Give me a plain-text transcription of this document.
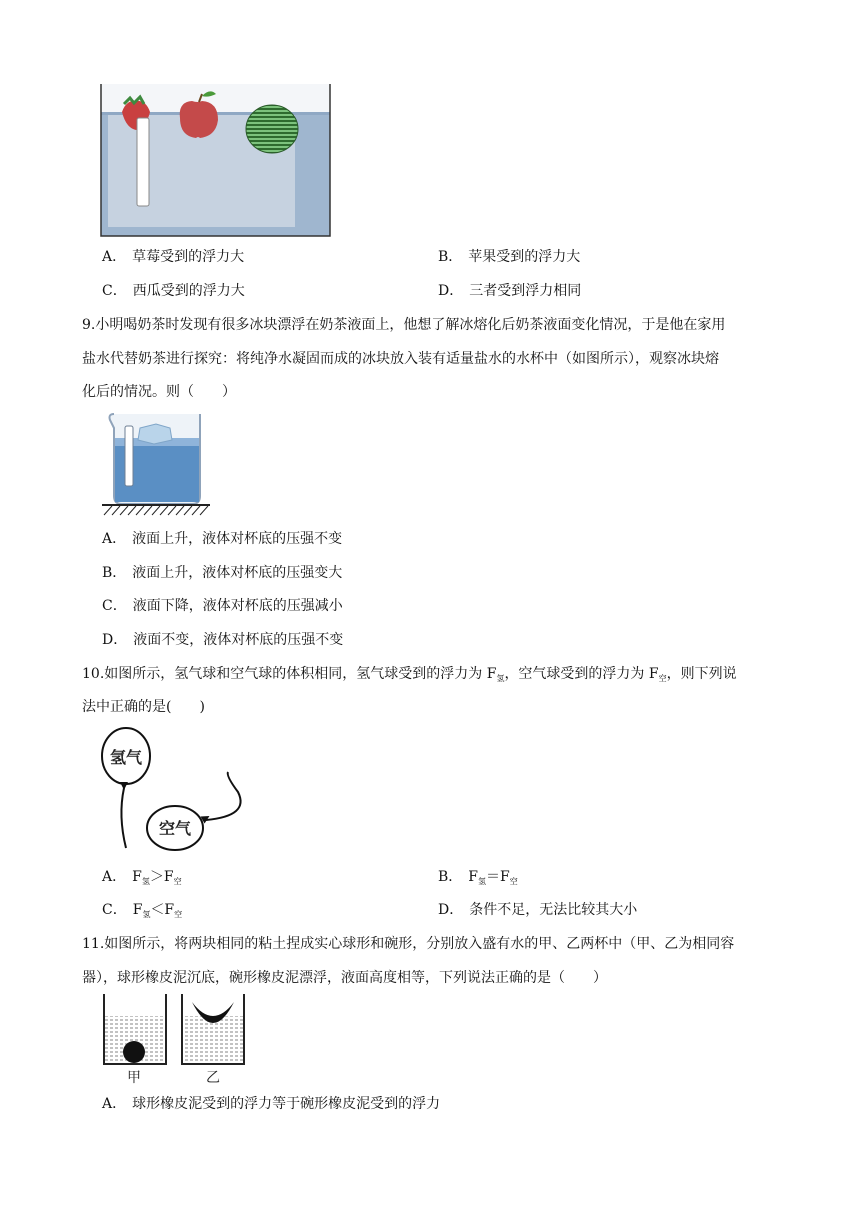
A． 草莓受到的浮力大	B． 苹果受到的浮力大
C． 西瓜受到的浮力大	D． 三者受到浮力相同
9.小明喝奶茶时发现有很多冰块漂浮在奶茶液面上，他想了解冰熔化后奶茶液面变化情况，于是他在家用
盐水代替奶茶进行探究：将纯净水凝固而成的冰块放入装有适量盐水的水杯中（如图所示），观察冰块熔
化后的情况。则（　　）
A． 液面上升，液体对杯底的压强不变
B． 液面上升，液体对杯底的压强变大
C． 液面下降，液体对杯底的压强减小
D． 液面不变，液体对杯底的压强不变
10.如图所示，氢气球和空气球的体积相同，氢气球受到的浮力为 $F_氢$，空气球受到的浮力为 $F_空$，则下列说
法中正确的是(　　)
氢气
空气
A． $F_氢>F_空$	B． $F_氢=F_空$
C． $F_氢<F_空$	D． 条件不足，无法比较其大小
11.如图所示，将两块相同的粘土捏成实心球形和碗形，分别放入盛有水的甲、乙两杯中（甲、乙为相同容
器），球形橡皮泥沉底，碗形橡皮泥漂浮，液面高度相等，下列说法正确的是（　　）
甲	乙
A． 球形橡皮泥受到的浮力等于碗形橡皮泥受到的浮力
